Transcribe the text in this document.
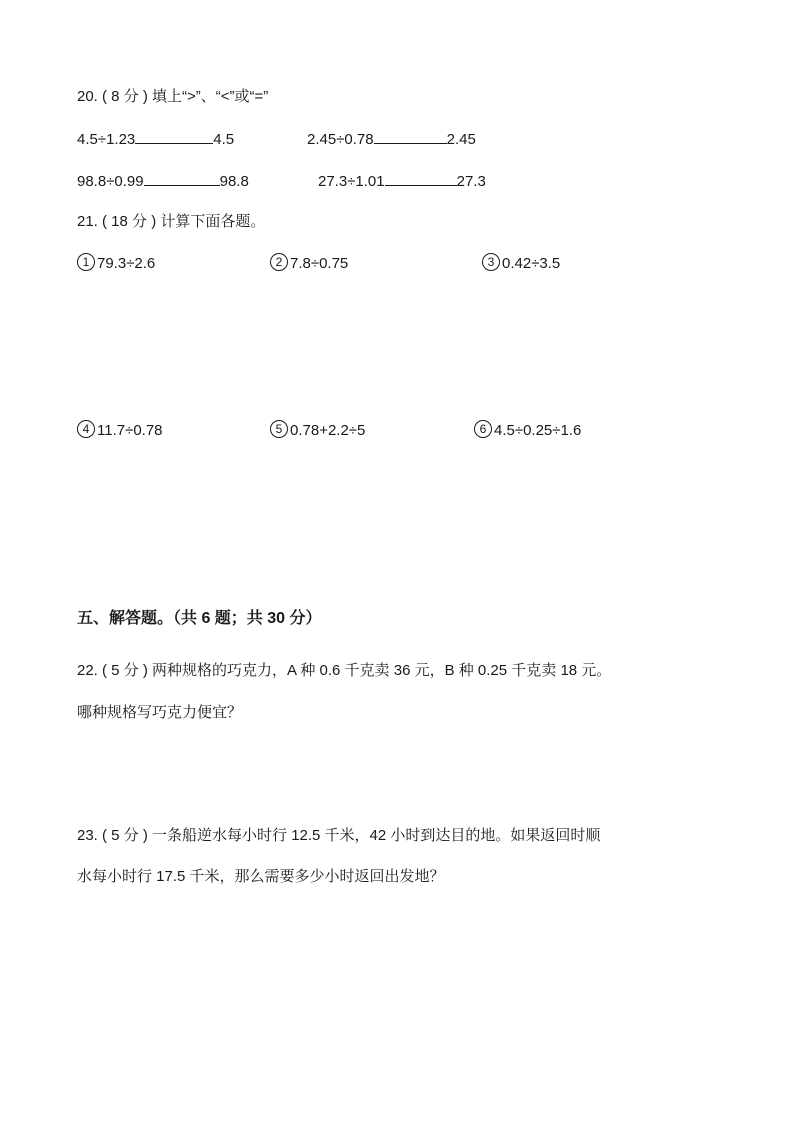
20. ( 8 分 ) 填上“>”、“<”或“=”
4.5÷1.23	4.5	2.45÷0.78	2.45
98.8÷0.99	98.8	27.3÷1.01	27.3
21. ( 18 分 ) 计算下面各题。
1 79.3÷2.6	2 7.8÷0.75	3 0.42÷3.5
4 11.7÷0.78	5 0.78+2.2÷5	6 4.5÷0.25÷1.6
五、解答题。（共 6 题；共 30 分）
22. ( 5 分 ) 两种规格的巧克力，A 种 0.6 千克卖 36 元，B 种 0.25 千克卖 18 元。
哪种规格写巧克力便宜？
23. ( 5 分 ) 一条船逆水每小时行 12.5 千米，42 小时到达目的地。如果返回时顺
水每小时行 17.5 千米，那么需要多少小时返回出发地？
